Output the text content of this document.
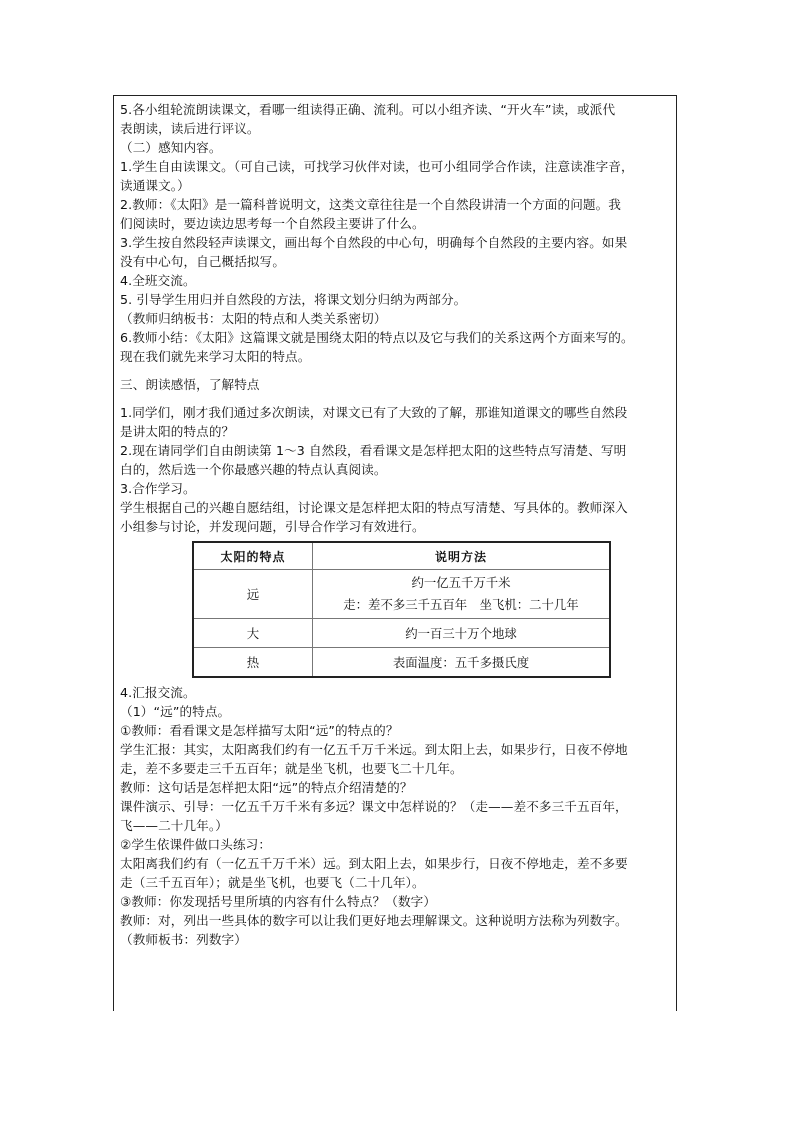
5.各小组轮流朗读课文，看哪一组读得正确、流利。可以小组齐读、“开火车”读，或派代

表朗读，读后进行评议。

（二）感知内容。

1.学生自由读课文。（可自己读，可找学习伙伴对读，也可小组同学合作读，注意读准字音，

读通课文。）

2.教师：《太阳》是一篇科普说明文，这类文章往往是一个自然段讲清一个方面的问题。我

们阅读时，要边读边思考每一个自然段主要讲了什么。

3.学生按自然段轻声读课文，画出每个自然段的中心句，明确每个自然段的主要内容。如果

没有中心句，自己概括拟写。

4.全班交流。

5. 引导学生用归并自然段的方法，将课文划分归纳为两部分。

（教师归纳板书：太阳的特点和人类关系密切）

6.教师小结：《太阳》这篇课文就是围绕太阳的特点以及它与我们的关系这两个方面来写的。

现在我们就先来学习太阳的特点。

三、朗读感悟，了解特点

1.同学们，刚才我们通过多次朗读，对课文已有了大致的了解，那谁知道课文的哪些自然段

是讲太阳的特点的？

2.现在请同学们自由朗读第 1～3 自然段，看看课文是怎样把太阳的这些特点写清楚、写明

白的，然后选一个你最感兴趣的特点认真阅读。

3.合作学习。

学生根据自己的兴趣自愿结组，讨论课文是怎样把太阳的特点写清楚、写具体的。教师深入

小组参与讨论，并发现问题，引导合作学习有效进行。

太阳的特点	说明方法
远	约一亿五千万千米
走：差不多三千五百年　坐飞机：二十几年

大	约一百三十万个地球
热	表面温度：五千多摄氏度

4.汇报交流。

（1）“远”的特点。

①教师：看看课文是怎样描写太阳“远”的特点的？

学生汇报：其实，太阳离我们约有一亿五千万千米远。到太阳上去，如果步行，日夜不停地

走，差不多要走三千五百年；就是坐飞机，也要飞二十几年。

教师：这句话是怎样把太阳“远”的特点介绍清楚的？

课件演示、引导：一亿五千万千米有多远？课文中怎样说的？（走——差不多三千五百年，

飞——二十几年。）

②学生依课件做口头练习：

太阳离我们约有（一亿五千万千米）远。到太阳上去，如果步行，日夜不停地走，差不多要

走（三千五百年）；就是坐飞机，也要飞（二十几年）。

③教师：你发现括号里所填的内容有什么特点？（数字）

教师：对，列出一些具体的数字可以让我们更好地去理解课文。这种说明方法称为列数字。

（教师板书：列数字）
